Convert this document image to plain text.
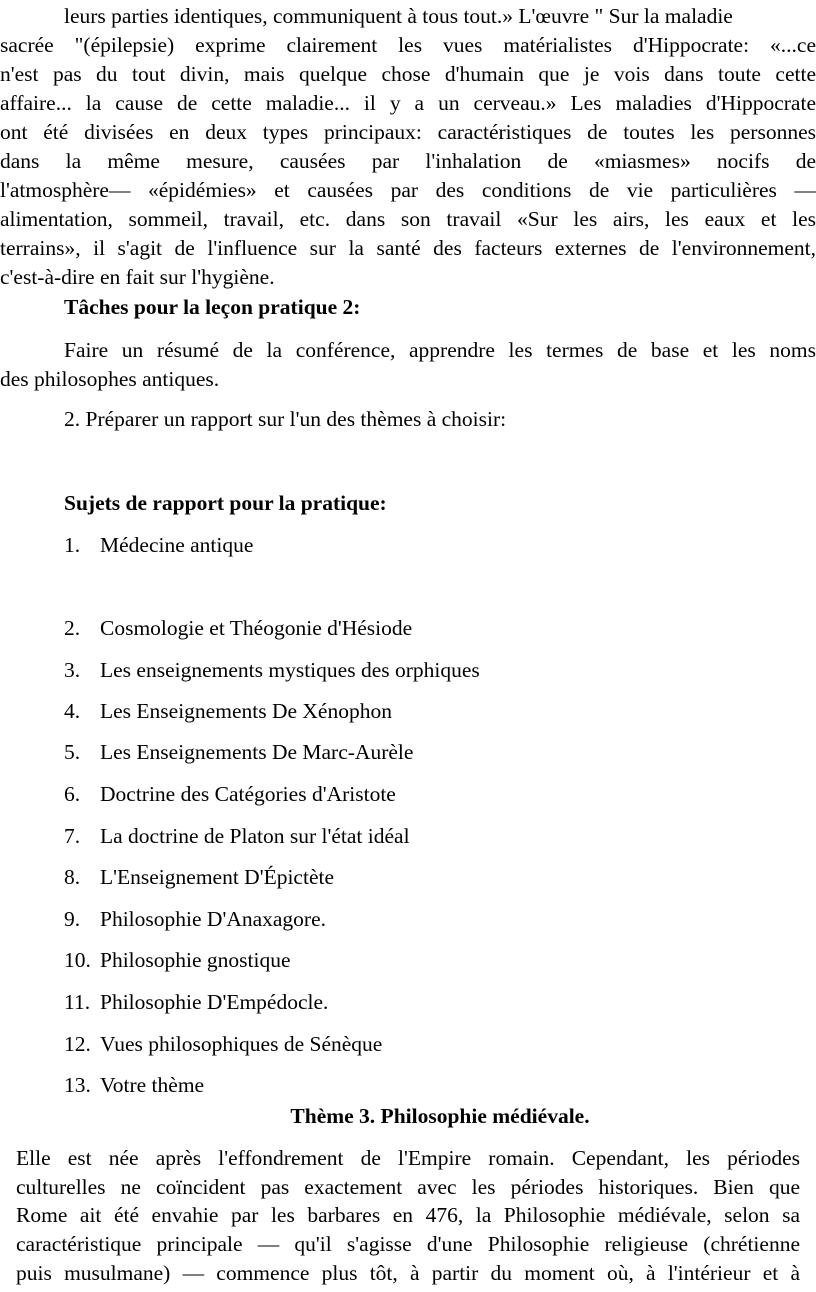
leurs parties identiques, communiquent à tous tout.» L'œuvre " Sur la maladie
sacrée "(épilepsie) exprime clairement les vues matérialistes d'Hippocrate: «...ce
n'est pas du tout divin, mais quelque chose d'humain que je vois dans toute cette
affaire... la cause de cette maladie... il y a un cerveau.» Les maladies d'Hippocrate
ont été divisées en deux types principaux: caractéristiques de toutes les personnes
dans la même mesure, causées par l'inhalation de «miasmes» nocifs de
l'atmosphère— «épidémies» et causées par des conditions de vie particulières —
alimentation, sommeil, travail, etc. dans son travail «Sur les airs, les eaux et les
terrains», il s'agit de l'influence sur la santé des facteurs externes de l'environnement,
c'est-à-dire en fait sur l'hygiène.

Tâches pour la leçon pratique 2:

Faire un résumé de la conférence, apprendre les termes de base et les noms
des philosophes antiques.

2. Préparer un rapport sur l'un des thèmes à choisir:

Sujets de rapport pour la pratique:

1. Médecine antique

2. Cosmologie et Théogonie d'Hésiode

3. Les enseignements mystiques des orphiques

4. Les Enseignements De Xénophon

5. Les Enseignements De Marc-Aurèle

6. Doctrine des Catégories d'Aristote

7. La doctrine de Platon sur l'état idéal

8. L'Enseignement D'Épictète

9. Philosophie D'Anaxagore.

10. Philosophie gnostique

11. Philosophie D'Empédocle.

12. Vues philosophiques de Sénèque

13. Votre thème

Thème 3. Philosophie médiévale.

Elle est née après l'effondrement de l'Empire romain. Cependant, les périodes
culturelles ne coïncident pas exactement avec les périodes historiques. Bien que
Rome ait été envahie par les barbares en 476, la Philosophie médiévale, selon sa
caractéristique principale — qu'il s'agisse d'une Philosophie religieuse (chrétienne
puis musulmane) — commence plus tôt, à partir du moment où, à l'intérieur et à
